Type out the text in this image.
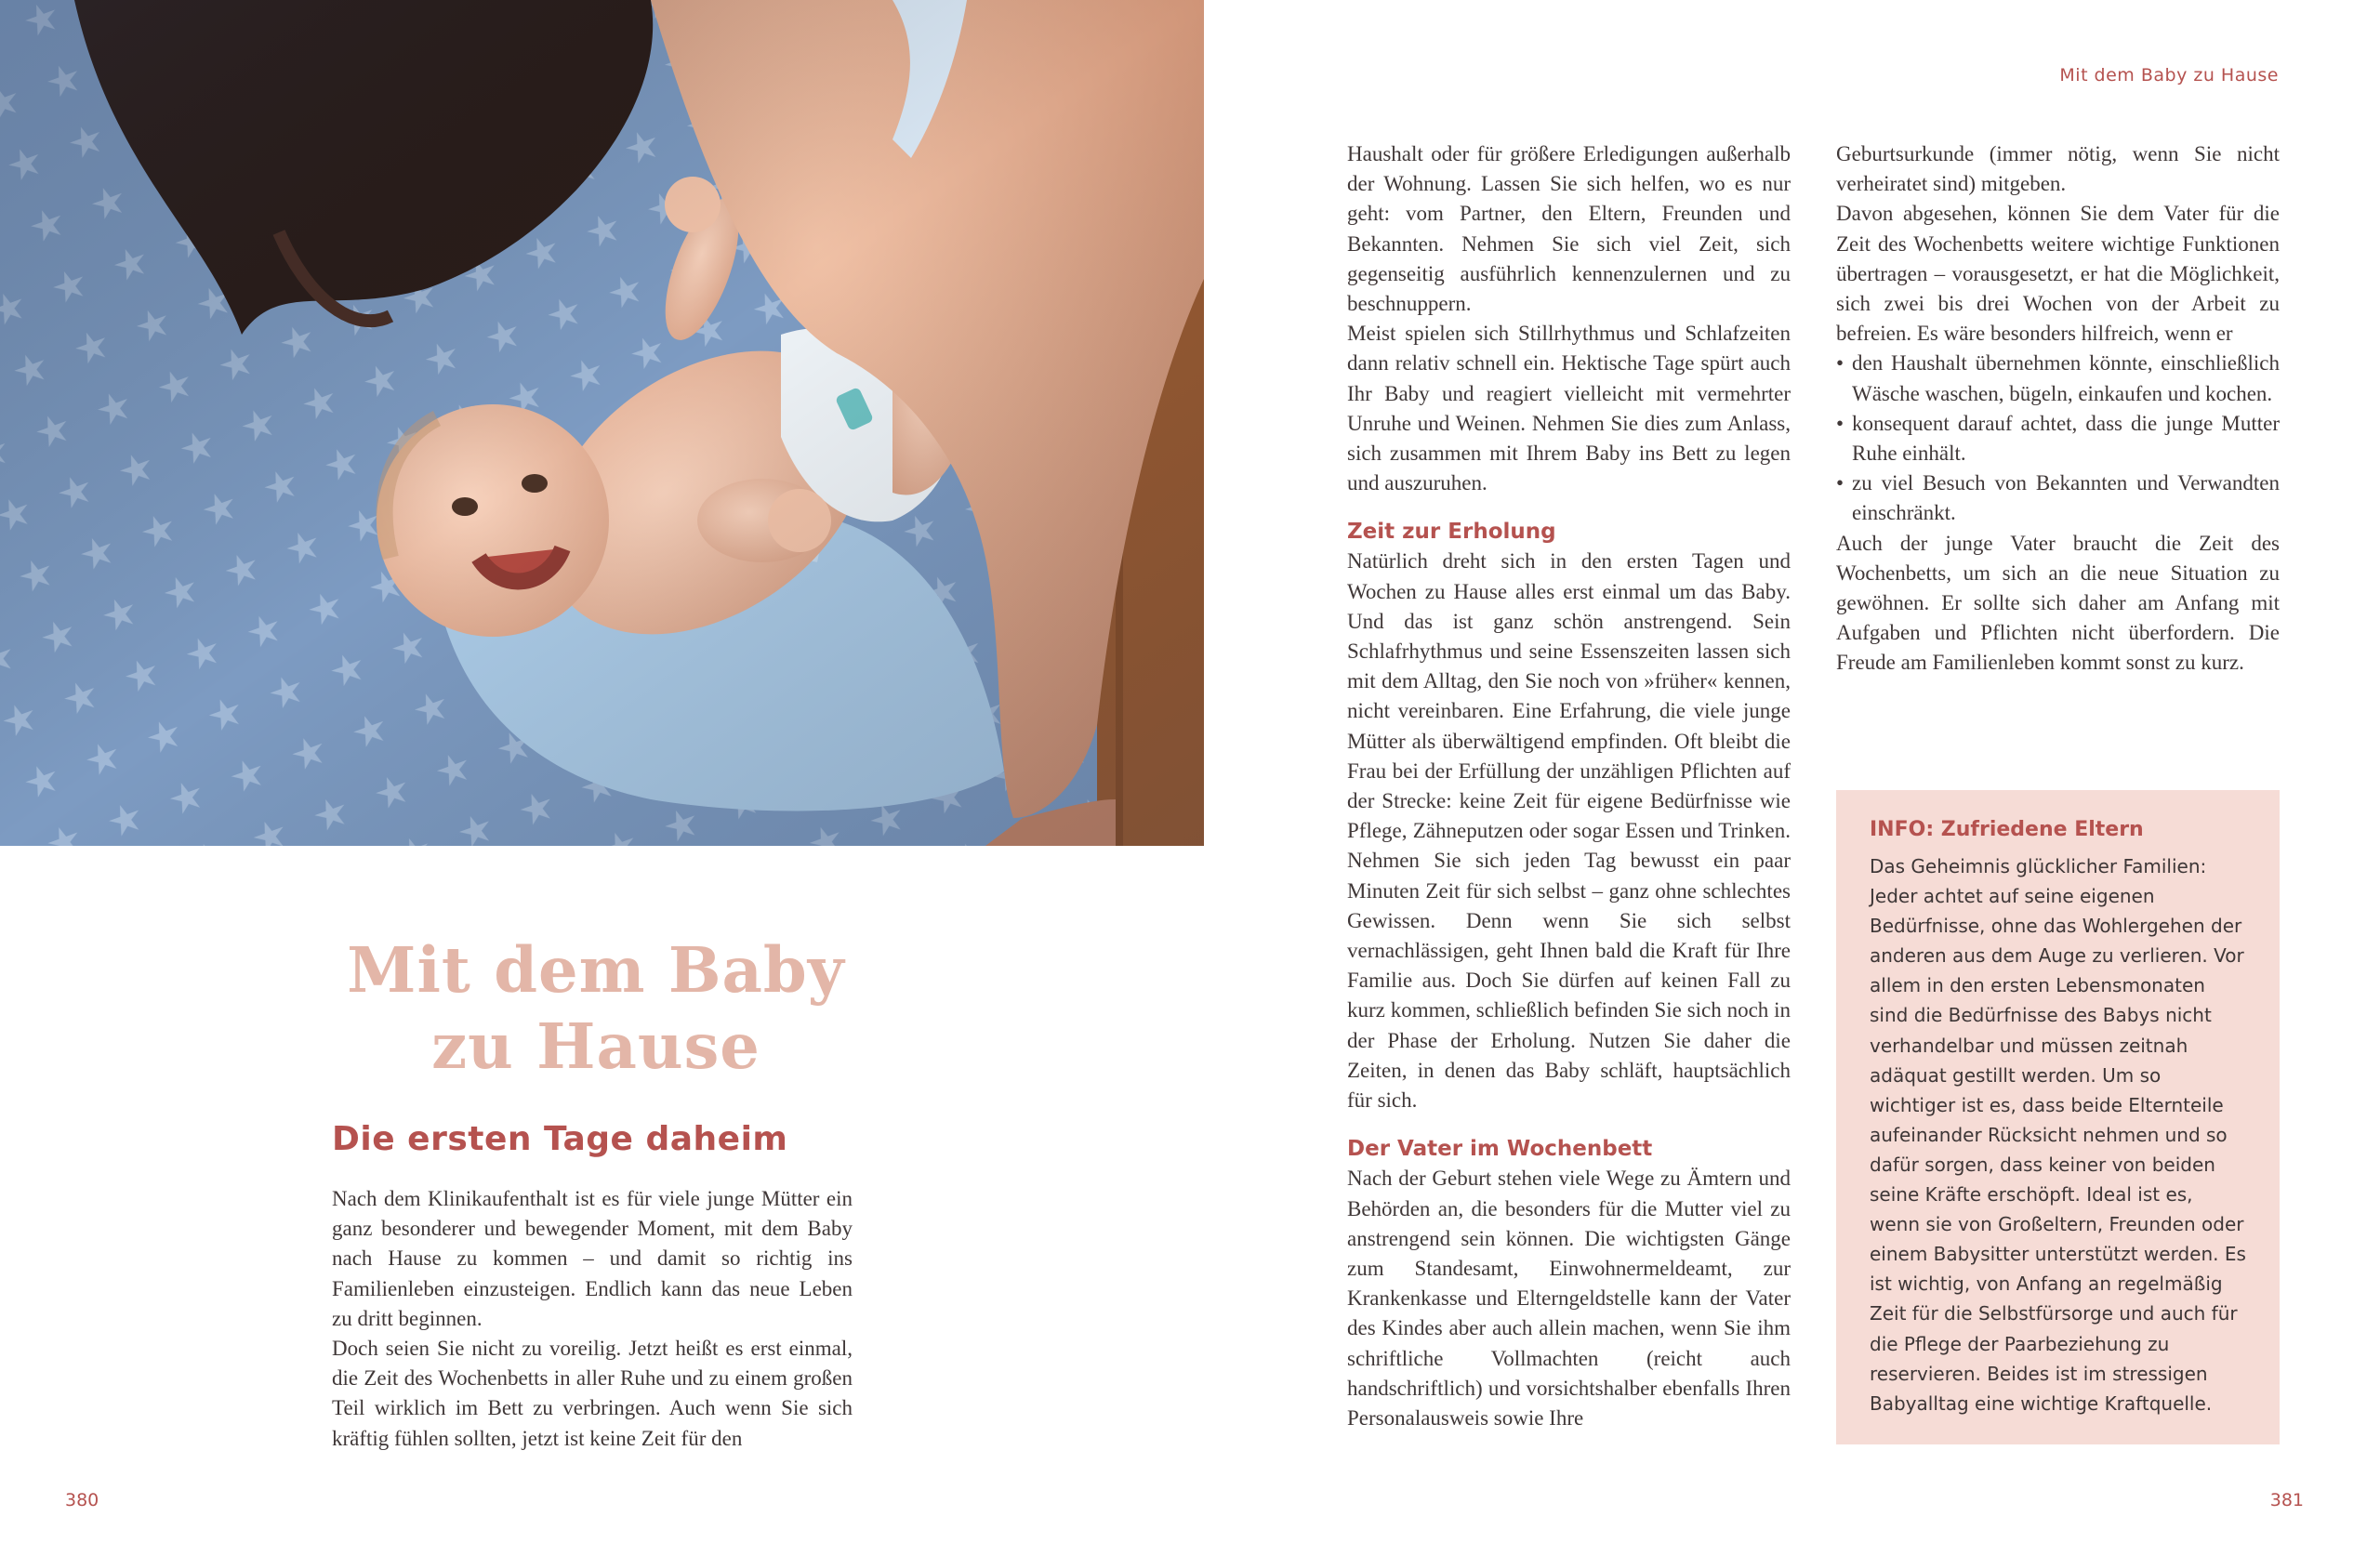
Mit dem Baby zu Hause
Mit dem Baby
zu Hause
Die ersten Tage daheim

Nach dem Klinikaufenthalt ist es für viele junge Mütter ein ganz besonderer und bewegender Moment, mit dem Baby nach Hause zu kommen – und damit so richtig ins Familienleben einzusteigen. Endlich kann das neue Leben zu dritt beginnen.

Doch seien Sie nicht zu voreilig. Jetzt heißt es erst einmal, die Zeit des Wochenbetts in aller Ruhe und zu einem großen Teil wirklich im Bett zu verbringen. Auch wenn Sie sich kräftig fühlen sollten, jetzt ist keine Zeit für den

Haushalt oder für größere Erledigungen außerhalb der Wohnung. Lassen Sie sich helfen, wo es nur geht: vom Partner, den Eltern, Freunden und Bekannten. Nehmen Sie sich viel Zeit, sich gegenseitig ausführlich kennenzulernen und zu beschnuppern.

Meist spielen sich Stillrhythmus und Schlafzeiten dann relativ schnell ein. Hektische Tage spürt auch Ihr Baby und reagiert vielleicht mit vermehrter Unruhe und Weinen. Nehmen Sie dies zum Anlass, sich zusammen mit Ihrem Baby ins Bett zu legen und auszuruhen.

Zeit zur Erholung

Natürlich dreht sich in den ersten Tagen und Wochen zu Hause alles erst einmal um das Baby. Und das ist ganz schön anstrengend. Sein Schlafrhythmus und seine Essenszeiten lassen sich mit dem Alltag, den Sie noch von »früher« kennen, nicht vereinbaren. Eine Erfahrung, die viele junge Mütter als überwältigend empfinden. Oft bleibt die Frau bei der Erfüllung der unzähligen Pflichten auf der Strecke: keine Zeit für eigene Bedürfnisse wie Pflege, Zähneputzen oder sogar Essen und Trinken. Nehmen Sie sich jeden Tag bewusst ein paar Minuten Zeit für sich selbst – ganz ohne schlechtes Gewissen. Denn wenn Sie sich selbst vernachlässigen, geht Ihnen bald die Kraft für Ihre Familie aus. Doch Sie dürfen auf keinen Fall zu kurz kommen, schließlich befinden Sie sich noch in der Phase der Erholung. Nutzen Sie daher die Zeiten, in denen das Baby schläft, hauptsächlich für sich.

Der Vater im Wochenbett

Nach der Geburt stehen viele Wege zu Ämtern und Behörden an, die besonders für die Mutter viel zu anstrengend sein können. Die wichtigsten Gänge zum Standesamt, Einwohnermeldeamt, zur Krankenkasse und Elterngeldstelle kann der Vater des Kindes aber auch allein machen, wenn Sie ihm schriftliche Vollmachten (reicht auch handschriftlich) und vorsichtshalber ebenfalls Ihren Personalausweis sowie Ihre

Geburtsurkunde (immer nötig, wenn Sie nicht verheiratet sind) mitgeben.

Davon abgesehen, können Sie dem Vater für die Zeit des Wochenbetts weitere wichtige Funktionen übertragen – vorausgesetzt, er hat die Möglichkeit, sich zwei bis drei Wochen von der Arbeit zu befreien. Es wäre besonders hilfreich, wenn er

• den Haushalt übernehmen könnte, einschließlich Wäsche waschen, bügeln, einkaufen und kochen.
• konsequent darauf achtet, dass die junge Mutter Ruhe einhält.
• zu viel Besuch von Bekannten und Verwandten einschränkt.

Auch der junge Vater braucht die Zeit des Wochenbetts, um sich an die neue Situation zu gewöhnen. Er sollte sich daher am Anfang mit Aufgaben und Pflichten nicht überfordern. Die Freude am Familienleben kommt sonst zu kurz.

INFO: Zufriedene Eltern
Das Geheimnis glücklicher Familien: Jeder achtet auf seine eigenen Bedürfnisse, ohne das Wohlergehen der anderen aus dem Auge zu verlieren. Vor allem in den ersten Lebensmonaten sind die Bedürfnisse des Babys nicht verhandelbar und müssen zeitnah adäquat gestillt werden. Um so wichtiger ist es, dass beide Elternteile aufeinander Rücksicht nehmen und so dafür sorgen, dass keiner von beiden seine Kräfte erschöpft. Ideal ist es, wenn sie von Großeltern, Freunden oder einem Babysitter unterstützt werden. Es ist wichtig, von Anfang an regelmäßig Zeit für die Selbstfürsorge und auch für die Pflege der Paarbeziehung zu reservieren. Beides ist im stressigen Babyalltag eine wichtige Kraftquelle.
380	381
